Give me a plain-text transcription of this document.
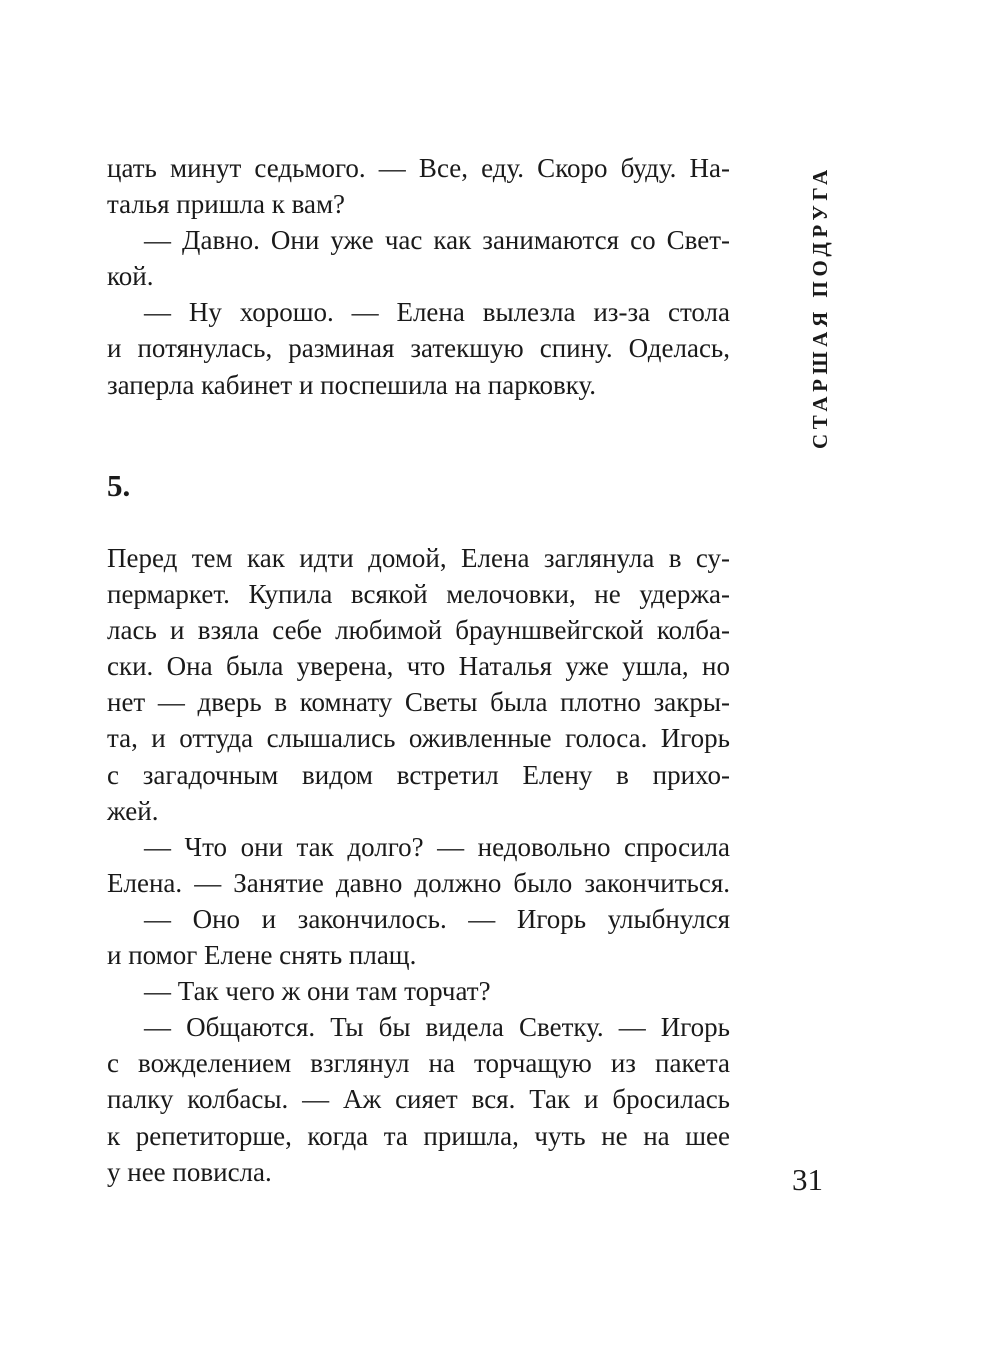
цать минут седьмого. — Все, еду. Скоро буду. На-
талья пришла к вам?
— Давно. Они уже час как занимаются со Свет-
кой.
— Ну хорошо. — Елена вылезла из-за стола
и потянулась, разминая затекшую спину. Оделась,
заперла кабинет и поспешила на парковку.
5.
Перед тем как идти домой, Елена заглянула в су-
пермаркет. Купила всякой мелочовки, не удержа-
лась и взяла себе любимой брауншвейгской колба-
ски. Она была уверена, что Наталья уже ушла, но
нет — дверь в комнату Светы была плотно закры-
та, и оттуда слышались оживленные голоса. Игорь
с загадочным видом встретил Елену в прихо-
жей.
— Что они так долго? — недовольно спросила
Елена. — Занятие давно должно было закончиться.
— Оно и закончилось. — Игорь улыбнулся
и помог Елене снять плащ.
— Так чего ж они там торчат?
— Общаются. Ты бы видела Светку. — Игорь
с вожделением взглянул на торчащую из пакета
палку колбасы. — Аж сияет вся. Так и бросилась
к репетиторше, когда та пришла, чуть не на шее
у нее повисла.
СТАРШАЯ ПОДРУГА
31
